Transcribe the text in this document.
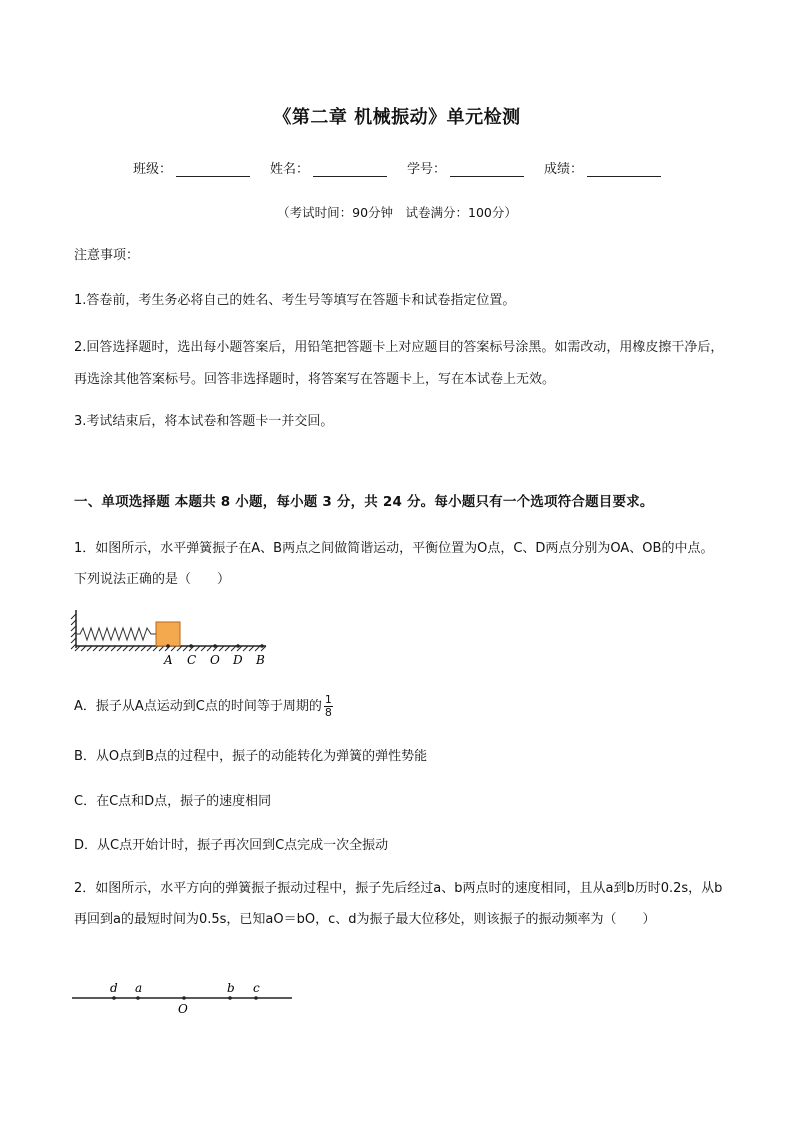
《第二章 机械振动》单元检测
班级：	姓名：	学号：	成绩：
（考试时间：90分钟　试卷满分：100分）
注意事项：
1.答卷前，考生务必将自己的姓名、考生号等填写在答题卡和试卷指定位置。
2.回答选择题时，选出每小题答案后，用铅笔把答题卡上对应题目的答案标号涂黑。如需改动，用橡皮擦干净后，再选涂其他答案标号。回答非选择题时，将答案写在答题卡上，写在本试卷上无效。
3.考试结束后，将本试卷和答题卡一并交回。
一、单项选择题 本题共 8 小题，每小题 3 分，共 24 分。每小题只有一个选项符合题目要求。
1．如图所示，水平弹簧振子在A、B两点之间做简谐运动，平衡位置为O点，C、D两点分别为OA、OB的中点。下列说法正确的是（　　）
A C O D B
A．振子从A点运动到C点的时间等于周期的 $\frac{1}{8}$
B．从O点到B点的过程中，振子的动能转化为弹簧的弹性势能
C．在C点和D点，振子的速度相同
D．从C点开始计时，振子再次回到C点完成一次全振动
2．如图所示，水平方向的弹簧振子振动过程中，振子先后经过a、b两点时的速度相同，且从a到b历时0.2s，从b再回到a的最短时间为0.5s，已知aO＝bO，c、d为振子最大位移处，则该振子的振动频率为（　　）
d a
O
b c
